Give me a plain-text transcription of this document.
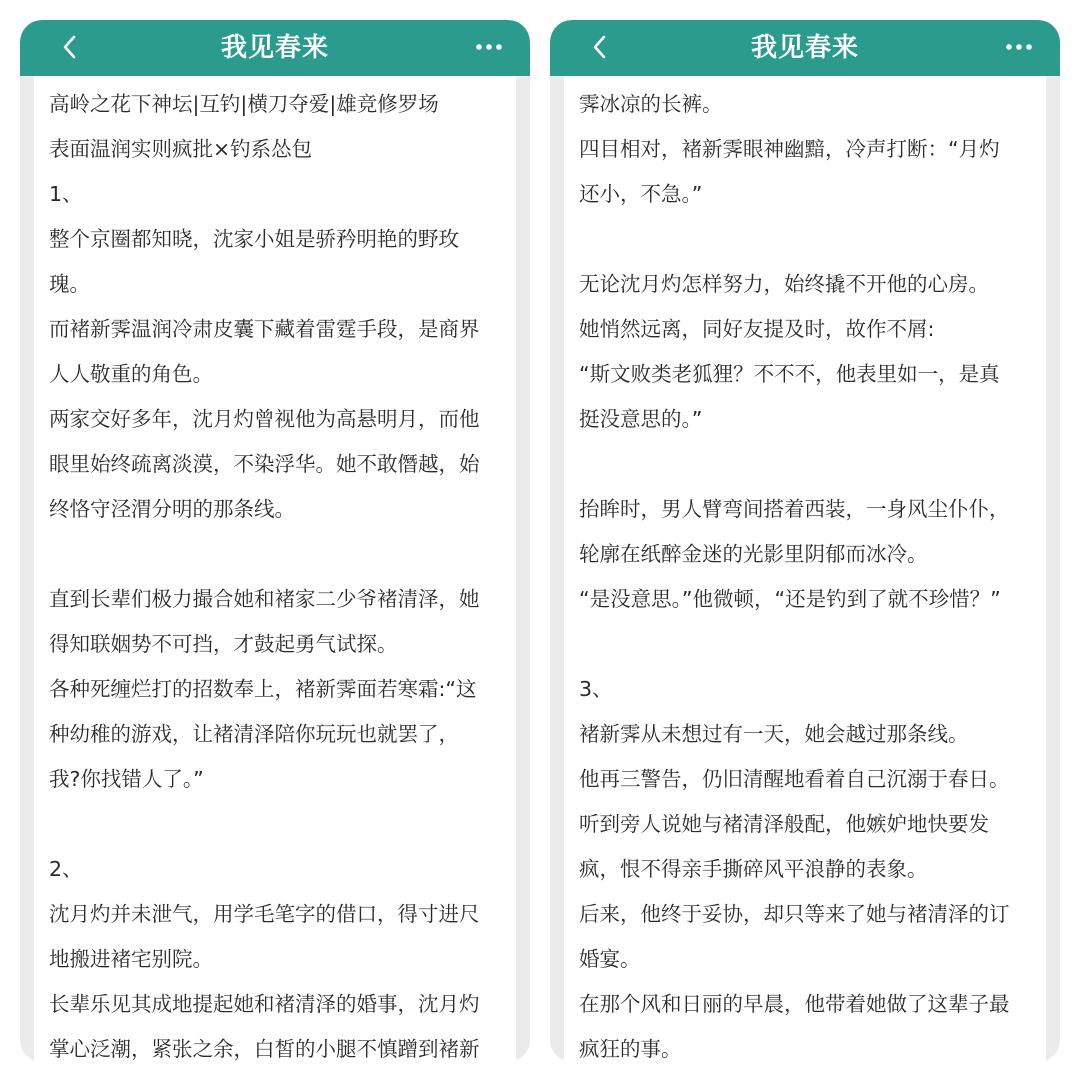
我见春来
高岭之花下神坛|互钓|横刀夺爱|雄竞修罗场
表面温润实则疯批×钓系怂包
1、
整个京圈都知晓，沈家小姐是骄矜明艳的野玫
瑰。
而褚新霁温润冷肃皮囊下藏着雷霆手段，是商界
人人敬重的角色。
两家交好多年，沈月灼曾视他为高悬明月，而他
眼里始终疏离淡漠，不染浮华。她不敢僭越，始
终恪守泾渭分明的那条线。
直到长辈们极力撮合她和褚家二少爷褚清泽，她
得知联姻势不可挡，才鼓起勇气试探。
各种死缠烂打的招数奉上，褚新霁面若寒霜:“这
种幼稚的游戏，让褚清泽陪你玩玩也就罢了，
我?你找错人了。”
2、
沈月灼并未泄气，用学毛笔字的借口，得寸进尺
地搬进褚宅别院。
长辈乐见其成地提起她和褚清泽的婚事，沈月灼
掌心泛潮，紧张之余，白皙的小腿不慎蹭到褚新
我见春来
霁冰凉的长裤。
四目相对，褚新霁眼神幽黯，冷声打断：“月灼
还小，不急。”
无论沈月灼怎样努力，始终撬不开他的心房。
她悄然远离，同好友提及时，故作不屑:
“斯文败类老狐狸？不不不，他表里如一，是真
挺没意思的。”
抬眸时，男人臂弯间搭着西装，一身风尘仆仆，
轮廓在纸醉金迷的光影里阴郁而冰冷。
“是没意思。”他微顿，“还是钓到了就不珍惜？”
3、
褚新霁从未想过有一天，她会越过那条线。
他再三警告，仍旧清醒地看着自己沉溺于春日。
听到旁人说她与褚清泽般配，他嫉妒地快要发
疯，恨不得亲手撕碎风平浪静的表象。
后来，他终于妥协，却只等来了她与褚清泽的订
婚宴。
在那个风和日丽的早晨，他带着她做了这辈子最
疯狂的事。
